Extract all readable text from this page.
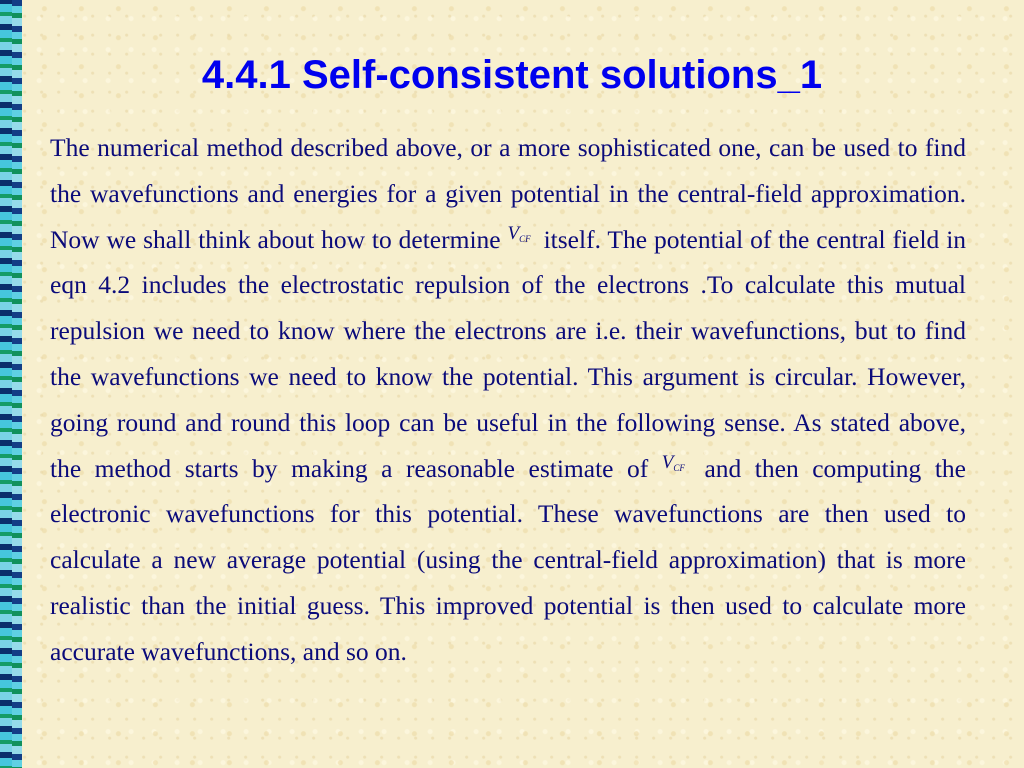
4.4.1 Self-consistent solutions_1
The numerical method described above, or a more sophisticated one, can be used to find the wavefunctions and energies for a given potential in the central-field approximation. Now we shall think about how to determine $^{V_{CF}}$ itself. The potential of the central field in eqn 4.2 includes the electrostatic repulsion of the electrons .To calculate this mutual repulsion we need to know where the electrons are i.e. their wavefunctions, but to find the wavefunctions we need to know the potential. This argument is circular. However, going round and round this loop can be useful in the following sense. As stated above, the method starts by making a reasonable estimate of $^{V_{CF}}$ and then computing the electronic wavefunctions for this potential. These wavefunctions are then used to calculate a new average potential (using the central-field approximation) that is more realistic than the initial guess. This improved potential is then used to calculate more accurate wavefunctions, and so on.
